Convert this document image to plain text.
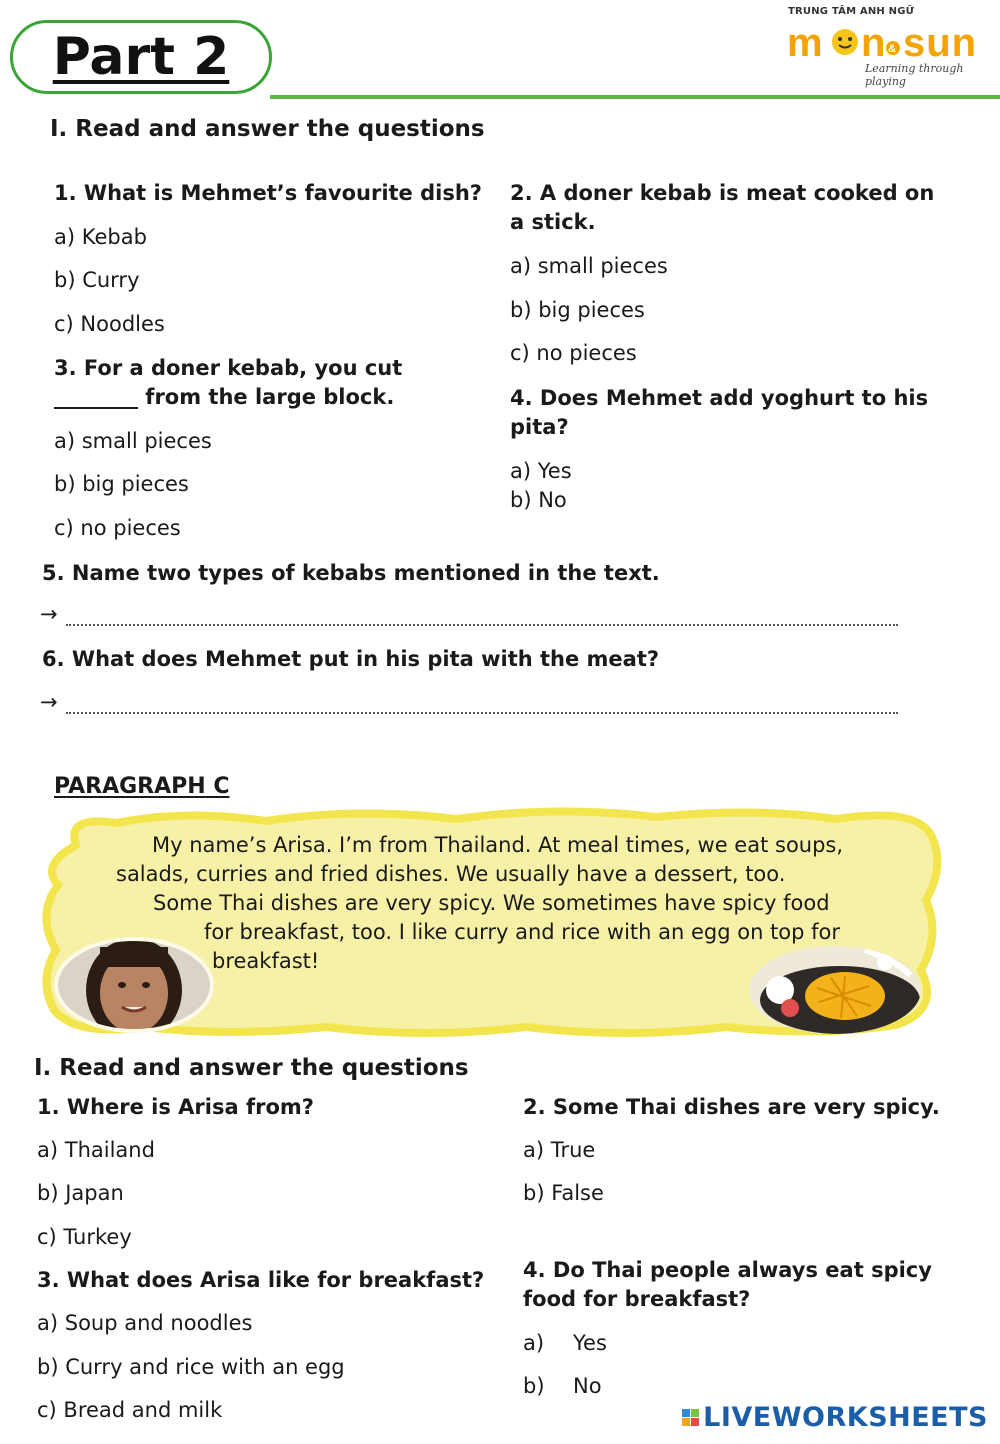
Part 2
TRUNG TÂM ANH NGỮ
m n & sun
Learning through playing
I. Read and answer the questions
1. What is Mehmet’s favourite dish?
a) Kebab
b) Curry
c) Noodles
2. A doner kebab is meat cooked on
a stick.
a) small pieces
b) big pieces
c) no pieces
3. For a doner kebab, you cut
________ from the large block.
a) small pieces
b) big pieces
c) no pieces
4. Does Mehmet add yoghurt to his
pita?
a) Yes
b) No
5. Name two types of kebabs mentioned in the text.
→
6. What does Mehmet put in his pita with the meat?
→
PARAGRAPH C
My name’s Arisa. I’m from Thailand. At meal times, we eat soups,
salads, curries and fried dishes. We usually have a dessert, too.
Some Thai dishes are very spicy. We sometimes have spicy food
for breakfast, too. I like curry and rice with an egg on top for
breakfast!
I. Read and answer the questions
1. Where is Arisa from?
a) Thailand
b) Japan
c) Turkey
2. Some Thai dishes are very spicy.
a) True
b) False
3. What does Arisa like for breakfast?
a) Soup and noodles
b) Curry and rice with an egg
c) Bread and milk
4. Do Thai people always eat spicy
food for breakfast?
a) Yes
b) No
LIVEWORKSHEETS
